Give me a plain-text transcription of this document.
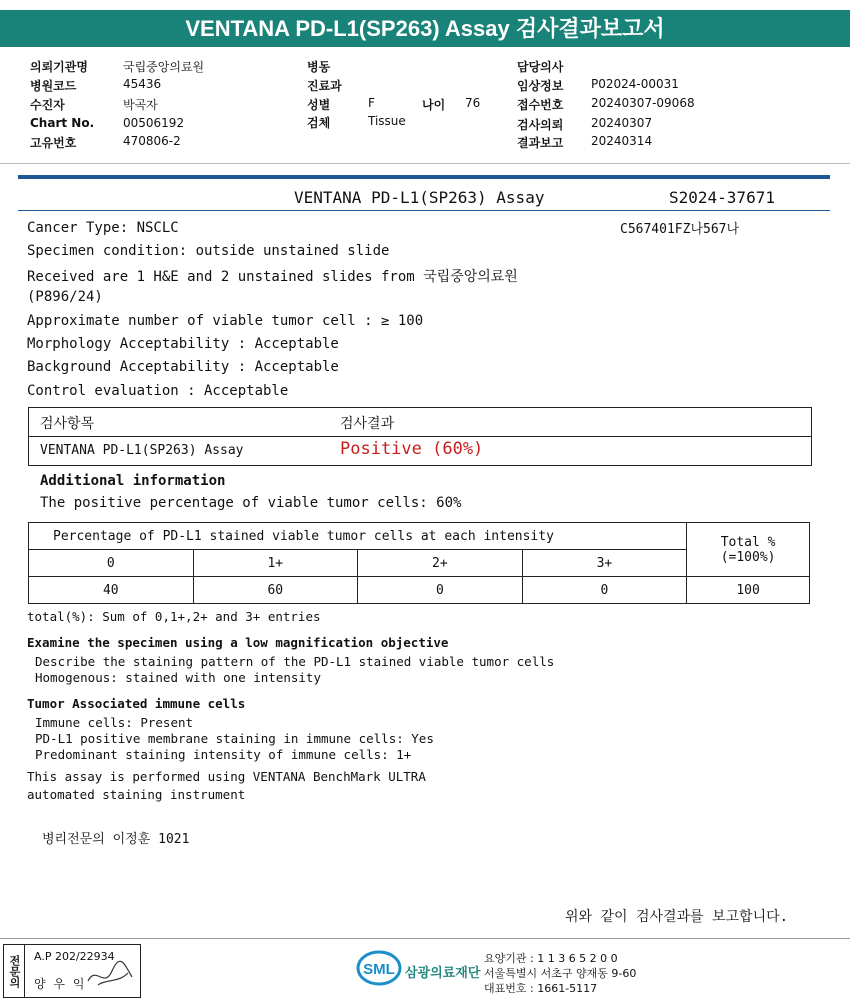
VENTANA PD-L1(SP263) Assay 검사결과보고서
의뢰기관명	국립중앙의료원
병원코드	45436
수진자	박곡자
Chart No. 00506192
고유번호	470806-2
병동
진료과
성별	F	나이 76
검체	Tissue
담당의사
임상정보 P02024-00031
접수번호 20240307-09068
검사의뢰 20240307
결과보고 20240314
VENTANA PD-L1(SP263) Assay	S2024-37671
C567401FZ나567나
Cancer Type: NSCLC
Specimen condition: outside unstained slide
Received are 1 H&E and 2 unstained slides from 국립중앙의료원
(P896/24)
Approximate number of viable tumor cell : ≥ 100
Morphology Acceptability : Acceptable
Background Acceptability : Acceptable
Control evaluation : Acceptable
검사항목	검사결과
VENTANA PD-L1(SP263) Assay	Positive (60%)
Additional information
The positive percentage of viable tumor cells: 60%
Percentage of PD-L1 stained viable tumor cells at each intensity				Total %
(=100%)

0	1+	2+	3+	
40	60	0	0	100
total(%): Sum of 0,1+,2+ and 3+ entries
Examine the specimen using a low magnification objective
Describe the staining pattern of the PD-L1 stained viable tumor cells
Homogenous: stained with one intensity
Tumor Associated immune cells
Immune cells: Present
PD-L1 positive membrane staining in immune cells: Yes
Predominant staining intensity of immune cells: 1+
This assay is performed using VENTANA BenchMark ULTRA
automated staining instrument
병리전문의 이정훈 1021
위와 같이 검사결과를 보고합니다.
전문의	A.P 202/22934
양 우 익
SML 삼광의료재단
요양기관 : 1 1 3 6 5 2 0 0
서울특별시 서초구 양재동 9-60
대표번호 : 1661-5117
